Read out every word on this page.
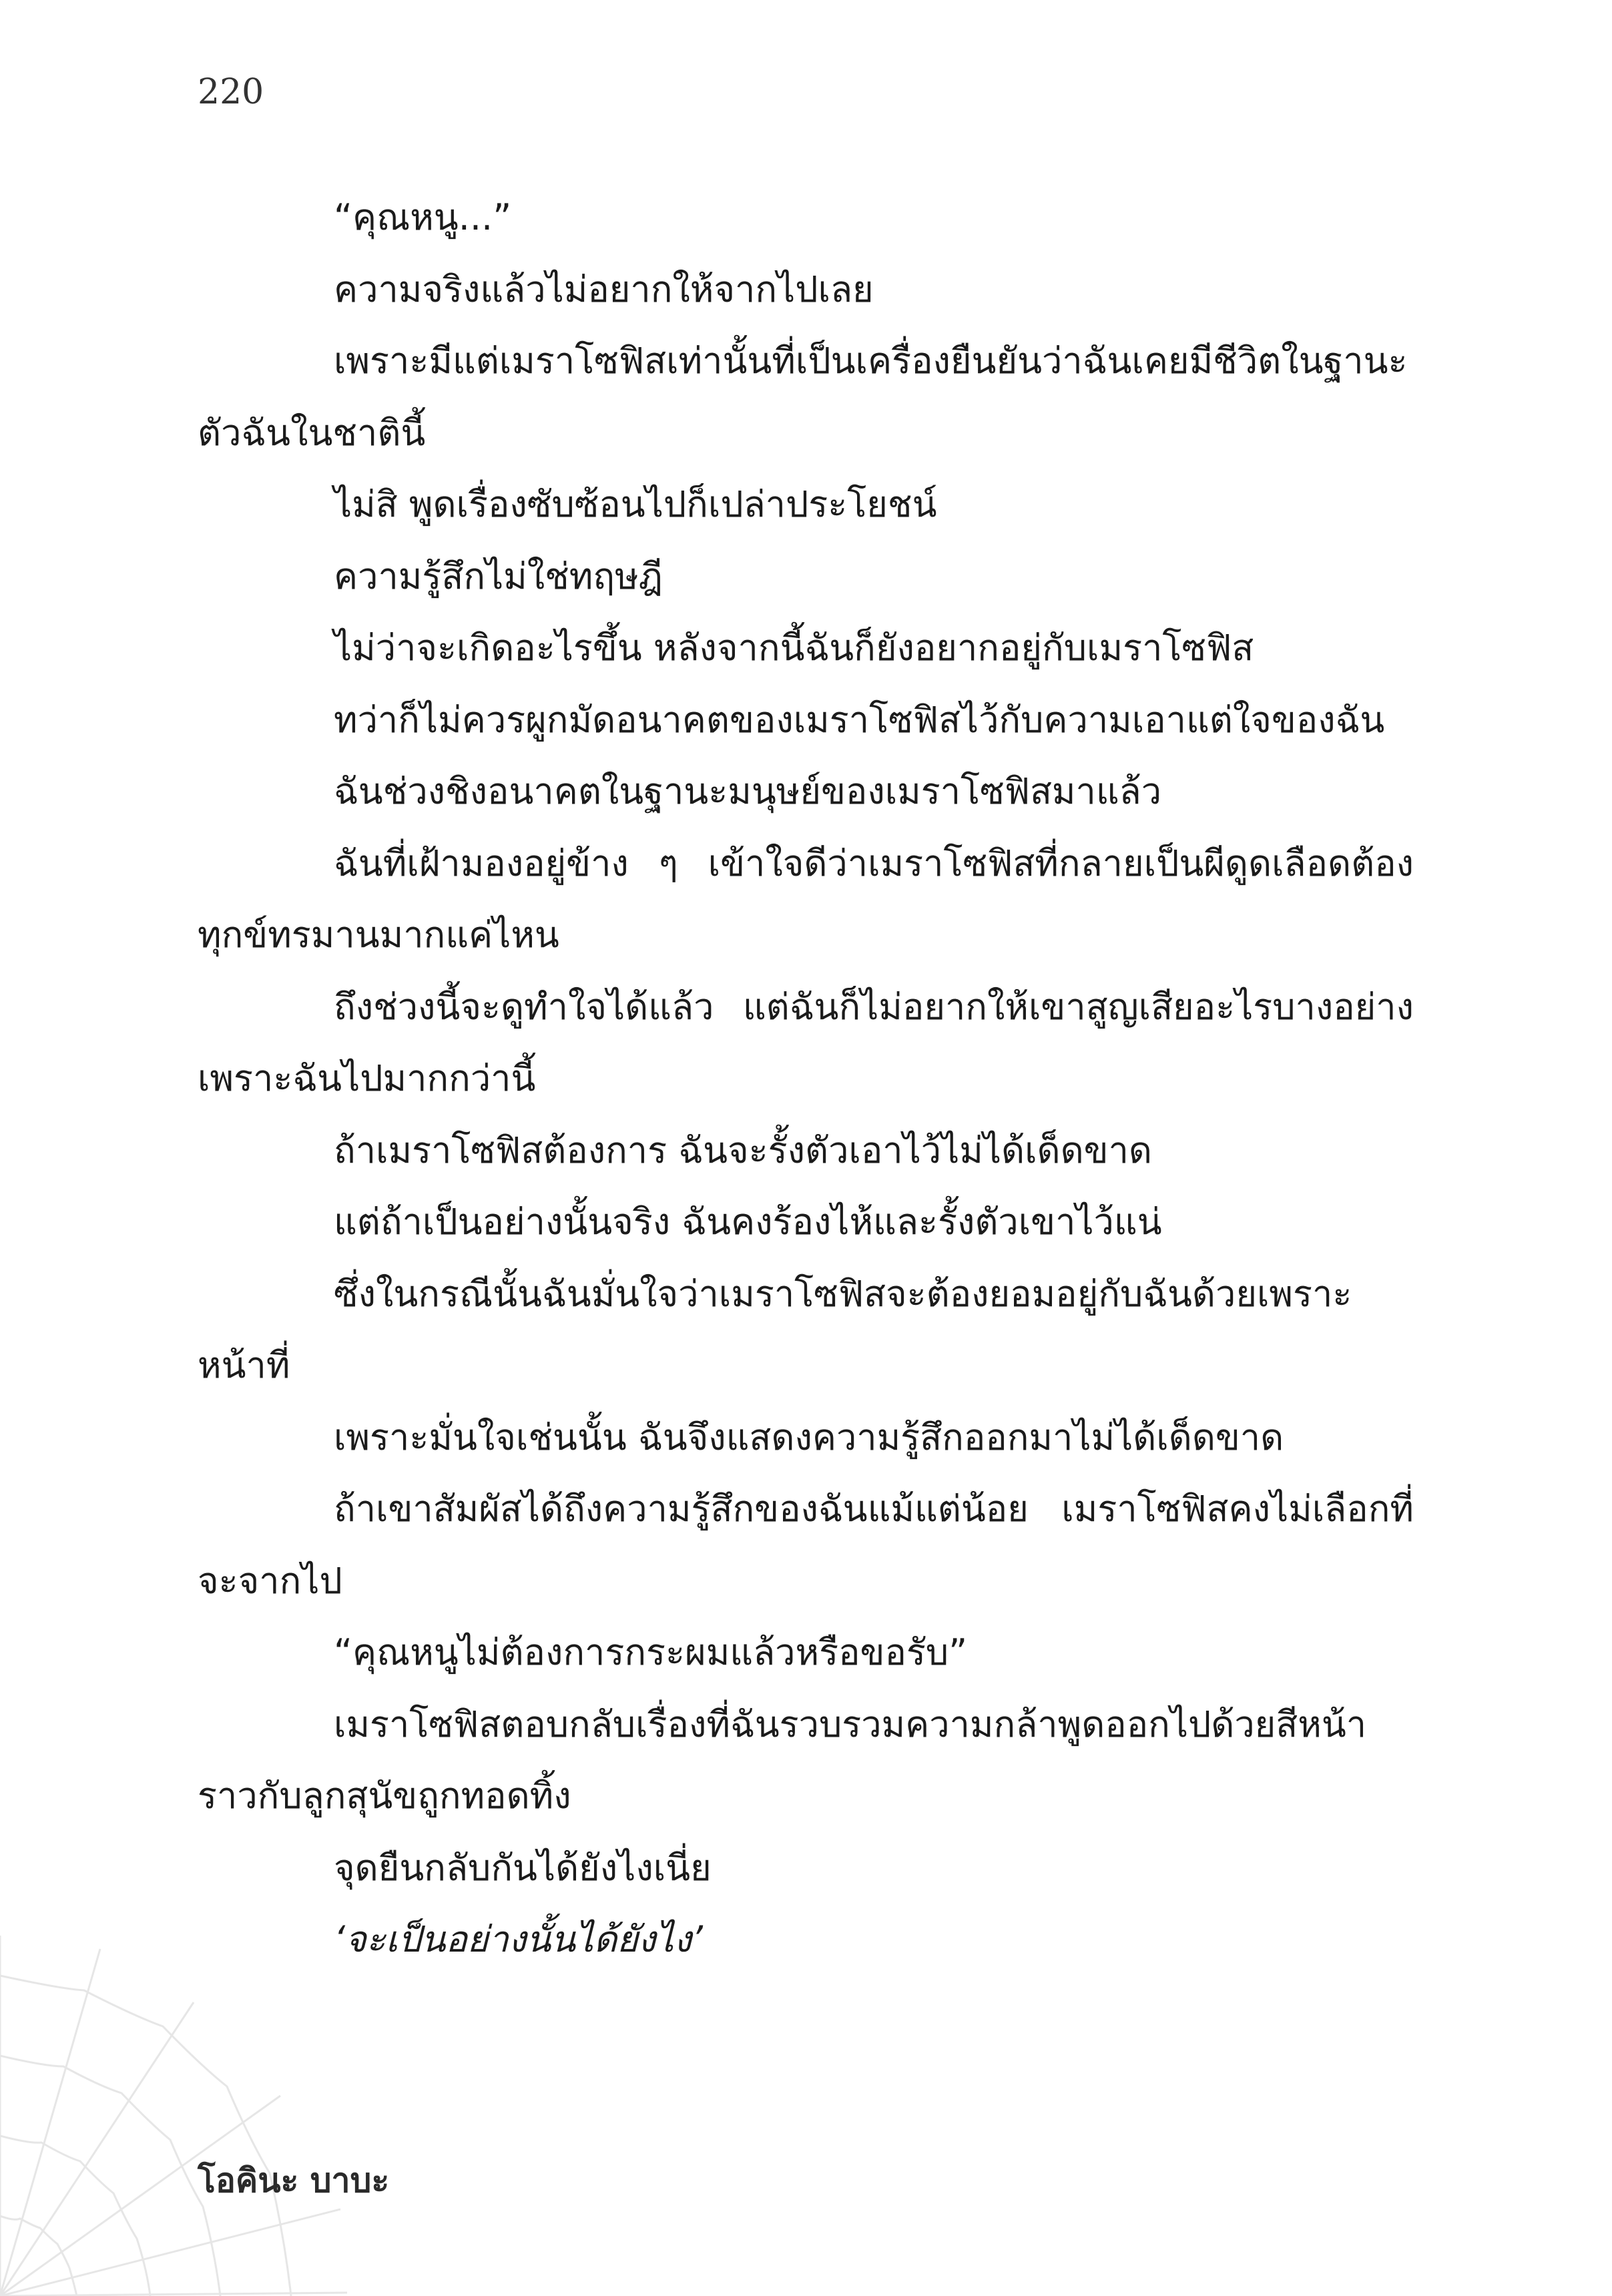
220

“คุณหนู...”

ความจริงแล้วไม่อยากให้จากไปเลย

เพราะมีแต่เมราโซฟิสเท่านั้นที่เป็นเครื่องยืนยันว่าฉันเคยมีชีวิตในฐานะตัวฉันในชาตินี้

ไม่สิ พูดเรื่องซับซ้อนไปก็เปล่าประโยชน์

ความรู้สึกไม่ใช่ทฤษฎี

ไม่ว่าจะเกิดอะไรขึ้น หลังจากนี้ฉันก็ยังอยากอยู่กับเมราโซฟิส

ทว่าก็ไม่ควรผูกมัดอนาคตของเมราโซฟิสไว้กับความเอาแต่ใจของฉัน

ฉันช่วงชิงอนาคตในฐานะมนุษย์ของเมราโซฟิสมาแล้ว

ฉันที่เฝ้ามองอยู่ข้าง ๆ เข้าใจดีว่าเมราโซฟิสที่กลายเป็นผีดูดเลือดต้องทุกข์ทรมานมากแค่ไหน

ถึงช่วงนี้จะดูทำใจได้แล้ว แต่ฉันก็ไม่อยากให้เขาสูญเสียอะไรบางอย่างเพราะฉันไปมากกว่านี้

ถ้าเมราโซฟิสต้องการ ฉันจะรั้งตัวเอาไว้ไม่ได้เด็ดขาด

แต่ถ้าเป็นอย่างนั้นจริง ฉันคงร้องไห้และรั้งตัวเขาไว้แน่

ซึ่งในกรณีนั้นฉันมั่นใจว่าเมราโซฟิสจะต้องยอมอยู่กับฉันด้วยเพราะหน้าที่

เพราะมั่นใจเช่นนั้น ฉันจึงแสดงความรู้สึกออกมาไม่ได้เด็ดขาด

ถ้าเขาสัมผัสได้ถึงความรู้สึกของฉันแม้แต่น้อย เมราโซฟิสคงไม่เลือกที่จะจากไป

“คุณหนูไม่ต้องการกระผมแล้วหรือขอรับ”

เมราโซฟิสตอบกลับเรื่องที่ฉันรวบรวมความกล้าพูดออกไปด้วยสีหน้าราวกับลูกสุนัขถูกทอดทิ้ง

จุดยืนกลับกันได้ยังไงเนี่ย

‘จะเป็นอย่างนั้นได้ยังไง’

โอคินะ บาบะ
